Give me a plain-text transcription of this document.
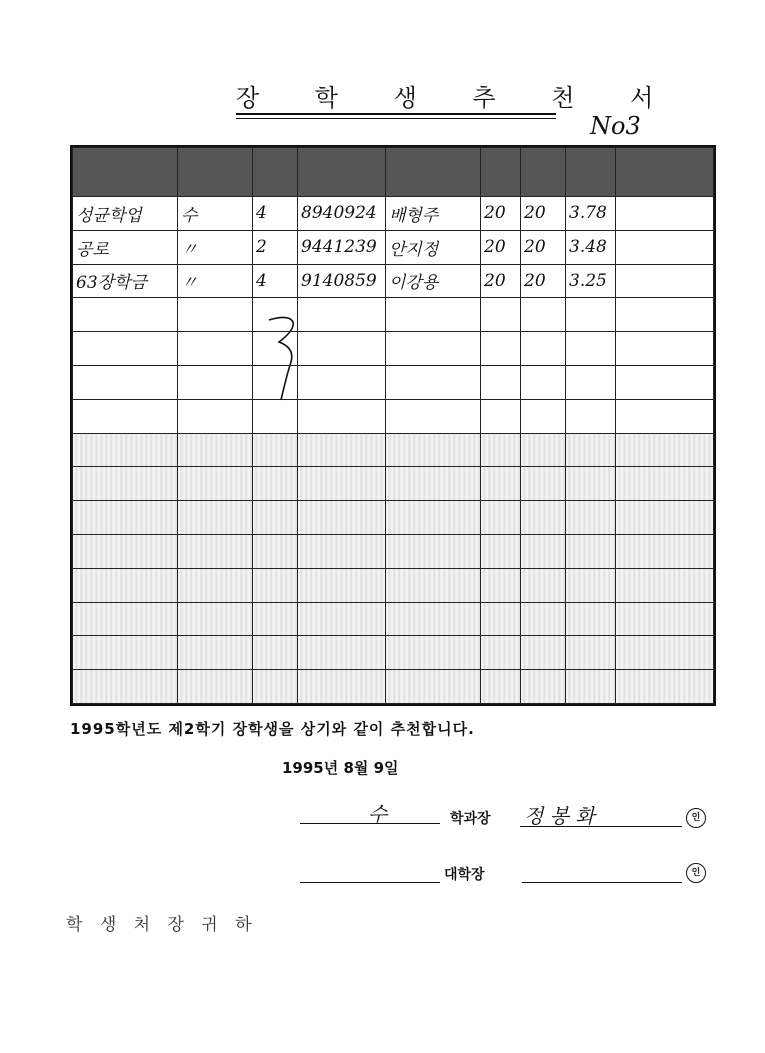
장 학 생 추 천 서
No3

성균학업	수	4	8940924	배형주	20	20	3.78	
공로	〃	2	9441239	안지정	20	20	3.48	
63장학금	〃	4	9140859	이강용	20	20	3.25	

1995학년도 제2학기 장학생을 상기와 같이 추천합니다.
1995년 8월 9일
수	학과장 정 봉 화	인
대학장	인
학 생 처 장 귀 하
